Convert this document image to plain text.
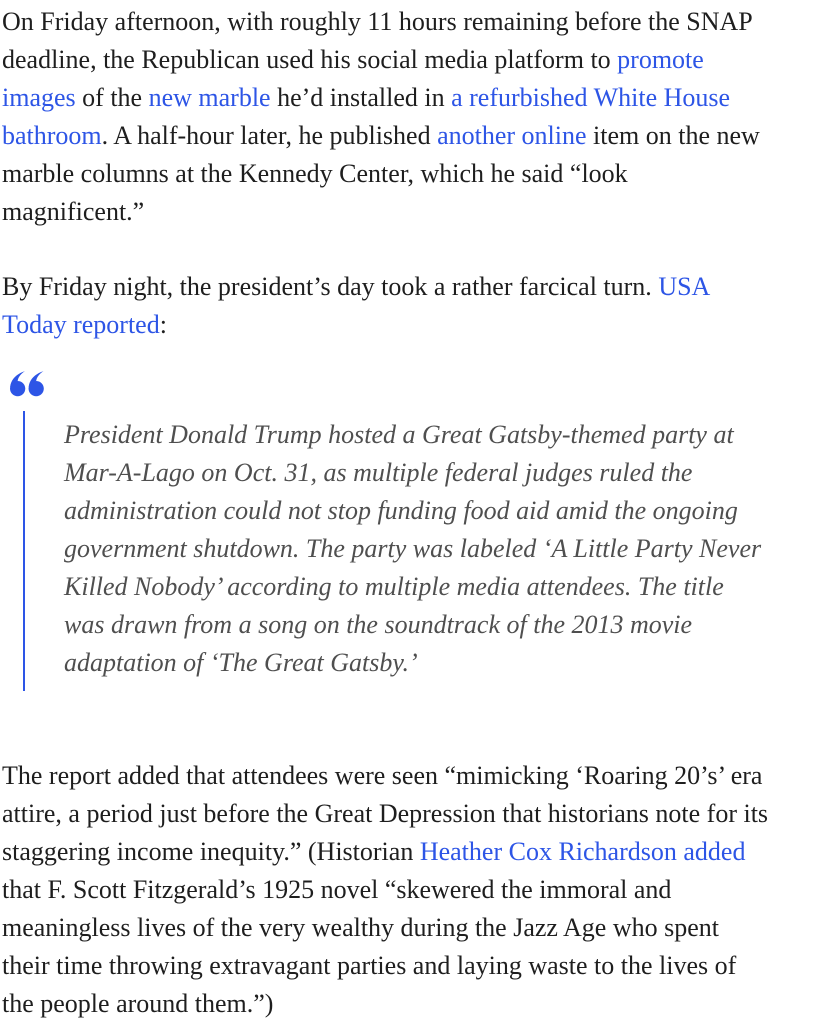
On Friday afternoon, with roughly 11 hours remaining before the SNAP deadline, the Republican used his social media platform to promote images of the new marble he’d installed in a refurbished White House bathroom. A half-hour later, he published another online item on the new marble columns at the Kennedy Center, which he said “look magnificent.”

By Friday night, the president’s day took a rather farcical turn. USA Today reported:

President Donald Trump hosted a Great Gatsby-themed party at Mar-A-Lago on Oct. 31, as multiple federal judges ruled the administration could not stop funding food aid amid the ongoing government shutdown. The party was labeled ‘A Little Party Never Killed Nobody’ according to multiple media attendees. The title was drawn from a song on the soundtrack of the 2013 movie adaptation of ‘The Great Gatsby.’

The report added that attendees were seen “mimicking ‘Roaring 20’s’ era attire, a period just before the Great Depression that historians note for its staggering income inequity.” (Historian Heather Cox Richardson added that F. Scott Fitzgerald’s 1925 novel “skewered the immoral and meaningless lives of the very wealthy during the Jazz Age who spent their time throwing extravagant parties and laying waste to the lives of the people around them.”)
